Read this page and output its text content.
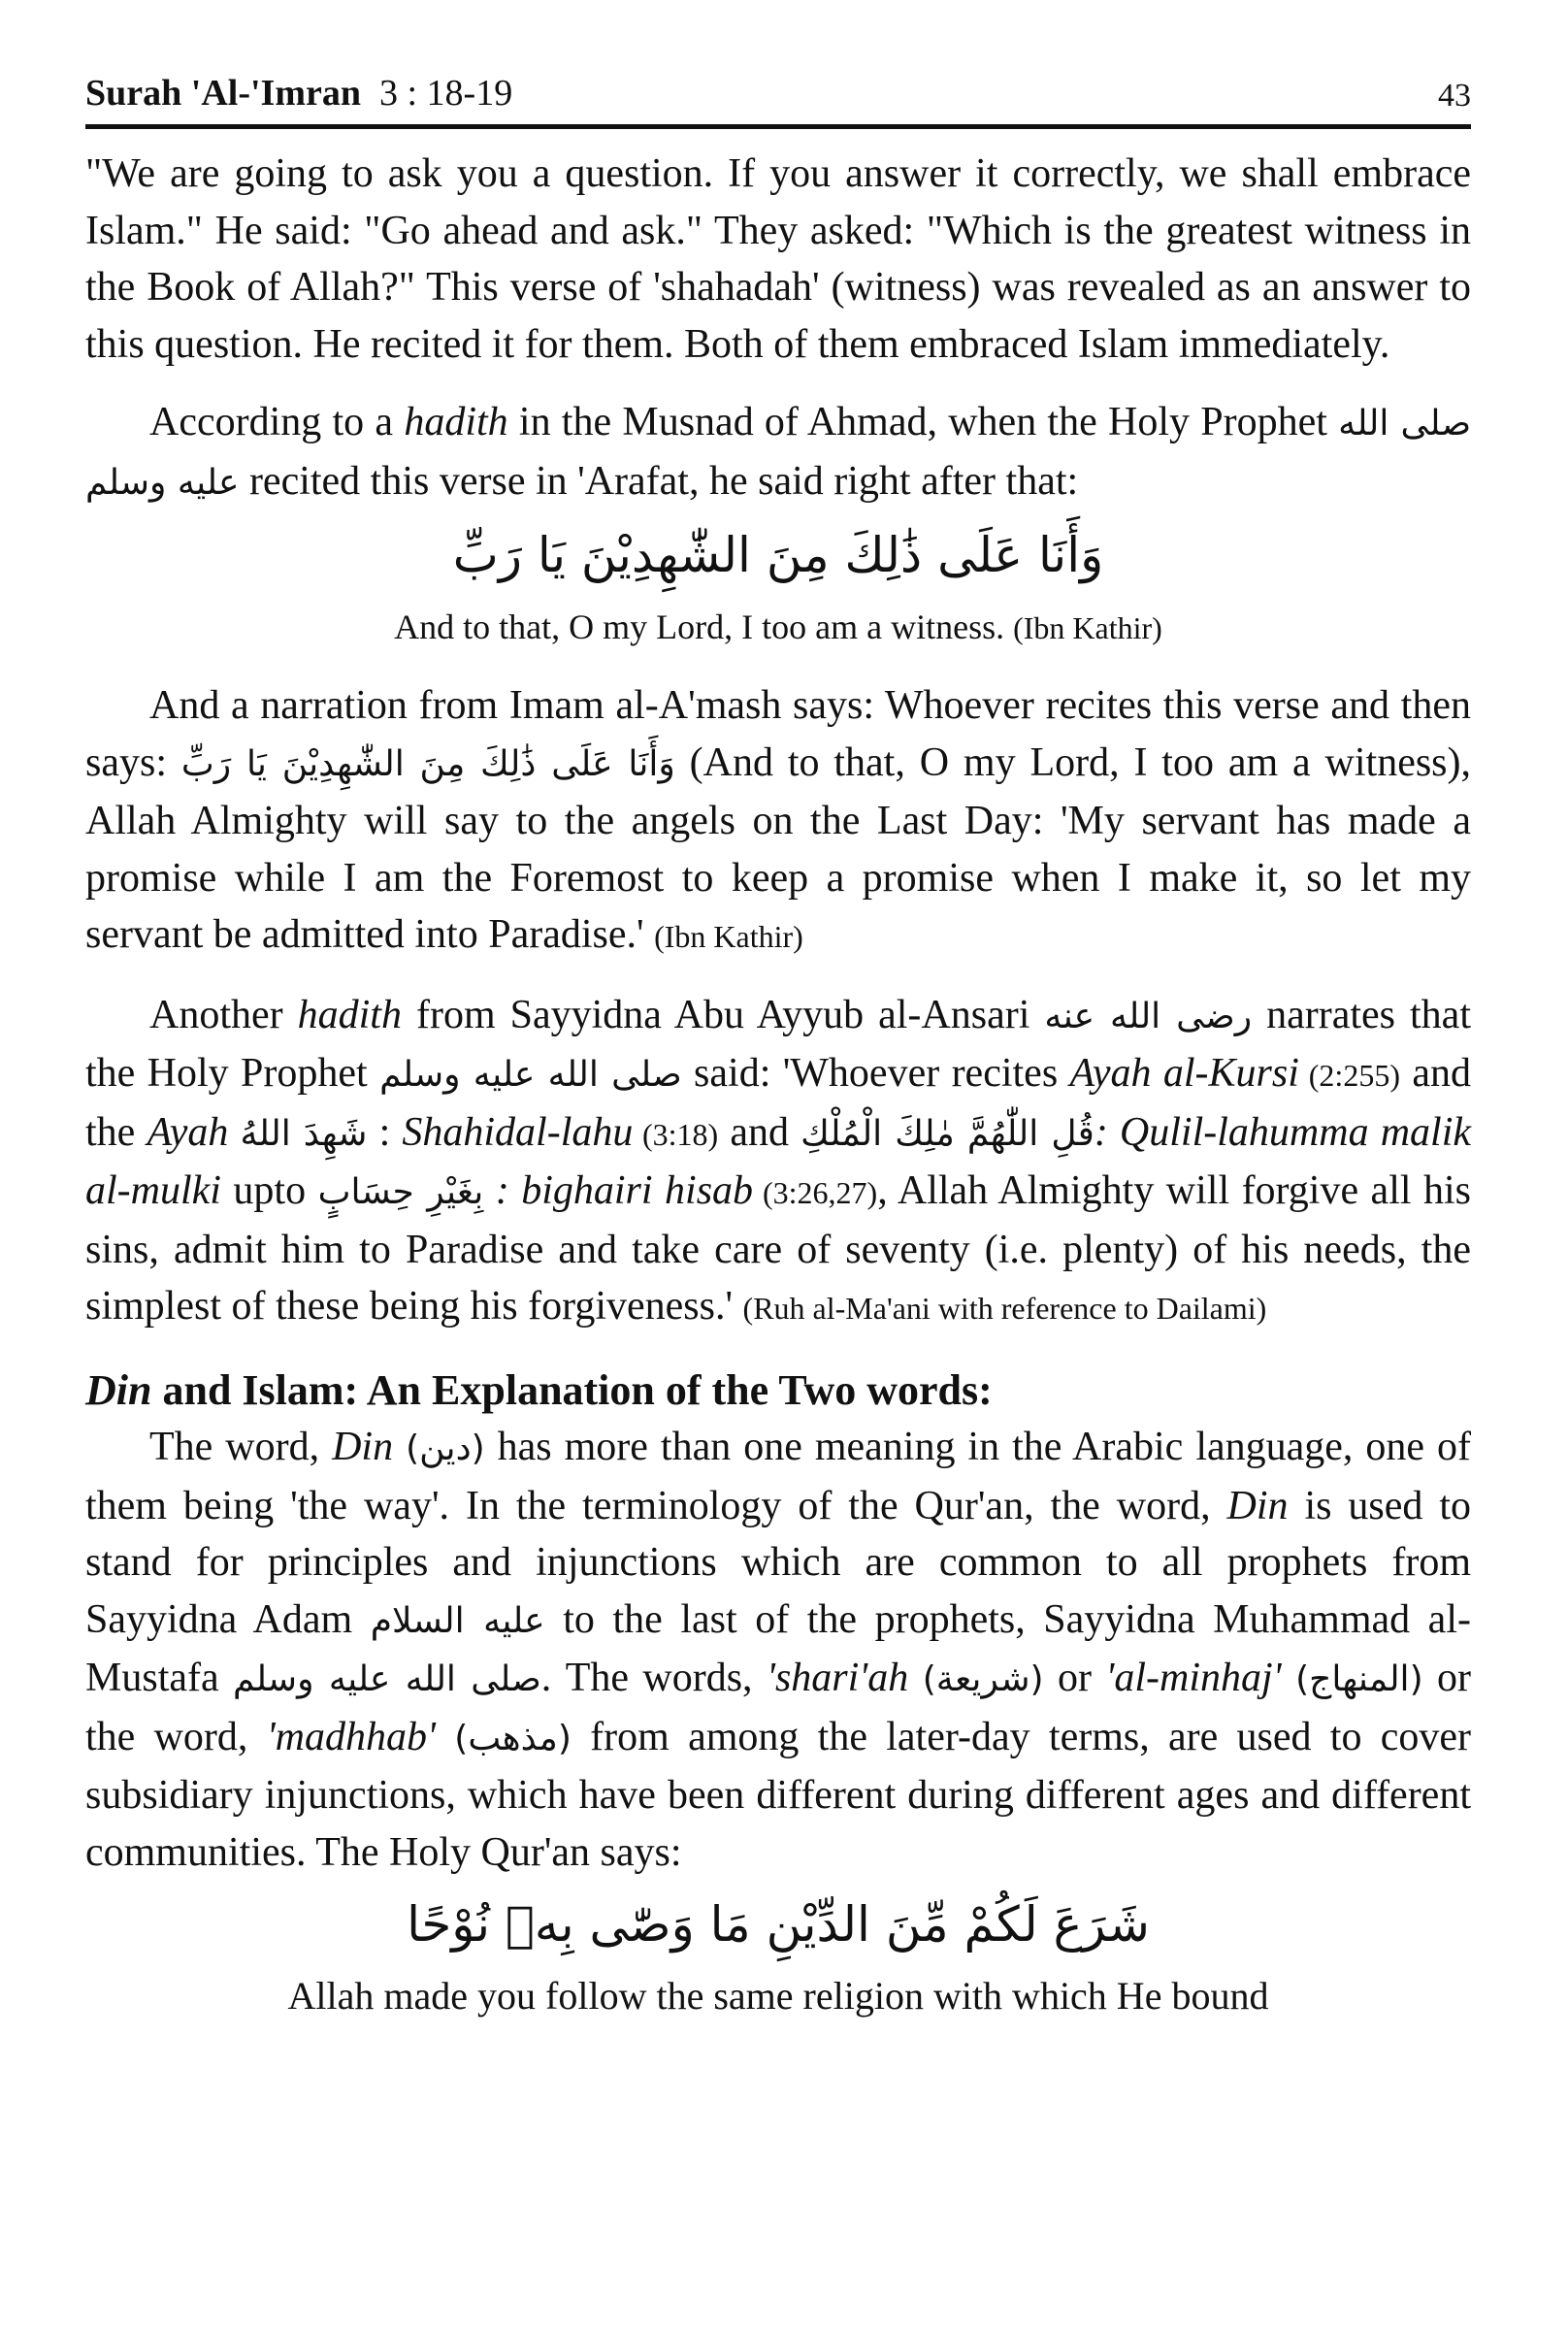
Surah 'Al-'Imran 3 : 18-19	43

"We are going to ask you a question. If you answer it correctly, we shall embrace Islam." He said: "Go ahead and ask." They asked: "Which is the greatest witness in the Book of Allah?" This verse of 'shahadah' (witness) was revealed as an answer to this question. He recited it for them. Both of them embraced Islam immediately.

According to a hadith in the Musnad of Ahmad, when the Holy Prophet صلى الله عليه وسلم recited this verse in 'Arafat, he said right after that:

وَأَنَا عَلَى ذَٰلِكَ مِنَ الشّٰهِدِيْنَ يَا رَبِّ

And to that, O my Lord, I too am a witness. (Ibn Kathir)

And a narration from Imam al-A'mash says: Whoever recites this verse and then says: وَأَنَا عَلَى ذَٰلِكَ مِنَ الشّٰهِدِيْنَ يَا رَبِّ (And to that, O my Lord, I too am a witness), Allah Almighty will say to the angels on the Last Day: 'My servant has made a promise while I am the Foremost to keep a promise when I make it, so let my servant be admitted into Paradise.' (Ibn Kathir)

Another hadith from Sayyidna Abu Ayyub al-Ansari رضى الله عنه narrates that the Holy Prophet صلى الله عليه وسلم said: 'Whoever recites Ayah al-Kursi (2:255) and the Ayah شَهِدَ اللهُ : Shahidal-lahu (3:18) and قُلِ اللّٰهُمَّ مٰلِكَ الْمُلْكِ: Qulil-lahumma malik al-mulki upto بِغَيْرِ حِسَابٍ : bighairi hisab (3:26,27), Allah Almighty will forgive all his sins, admit him to Paradise and take care of seventy (i.e. plenty) of his needs, the simplest of these being his forgiveness.' (Ruh al-Ma'ani with reference to Dailami)

Din and Islam: An Explanation of the Two words:

The word, Din (دين) has more than one meaning in the Arabic language, one of them being 'the way'. In the terminology of the Qur'an, the word, Din is used to stand for principles and injunctions which are common to all prophets from Sayyidna Adam عليه السلام to the last of the prophets, Sayyidna Muhammad al-Mustafa صلى الله عليه وسلم. The words, 'shari'ah (شريعة) or 'al-minhaj' (المنهاج) or the word, 'madhhab' (مذهب) from among the later-day terms, are used to cover subsidiary injunctions, which have been different during different ages and different communities. The Holy Qur'an says:

شَرَعَ لَكُمْ مِّنَ الدِّيْنِ مَا وَصّٰى بِهٖ نُوْحًا

Allah made you follow the same religion with which He bound
